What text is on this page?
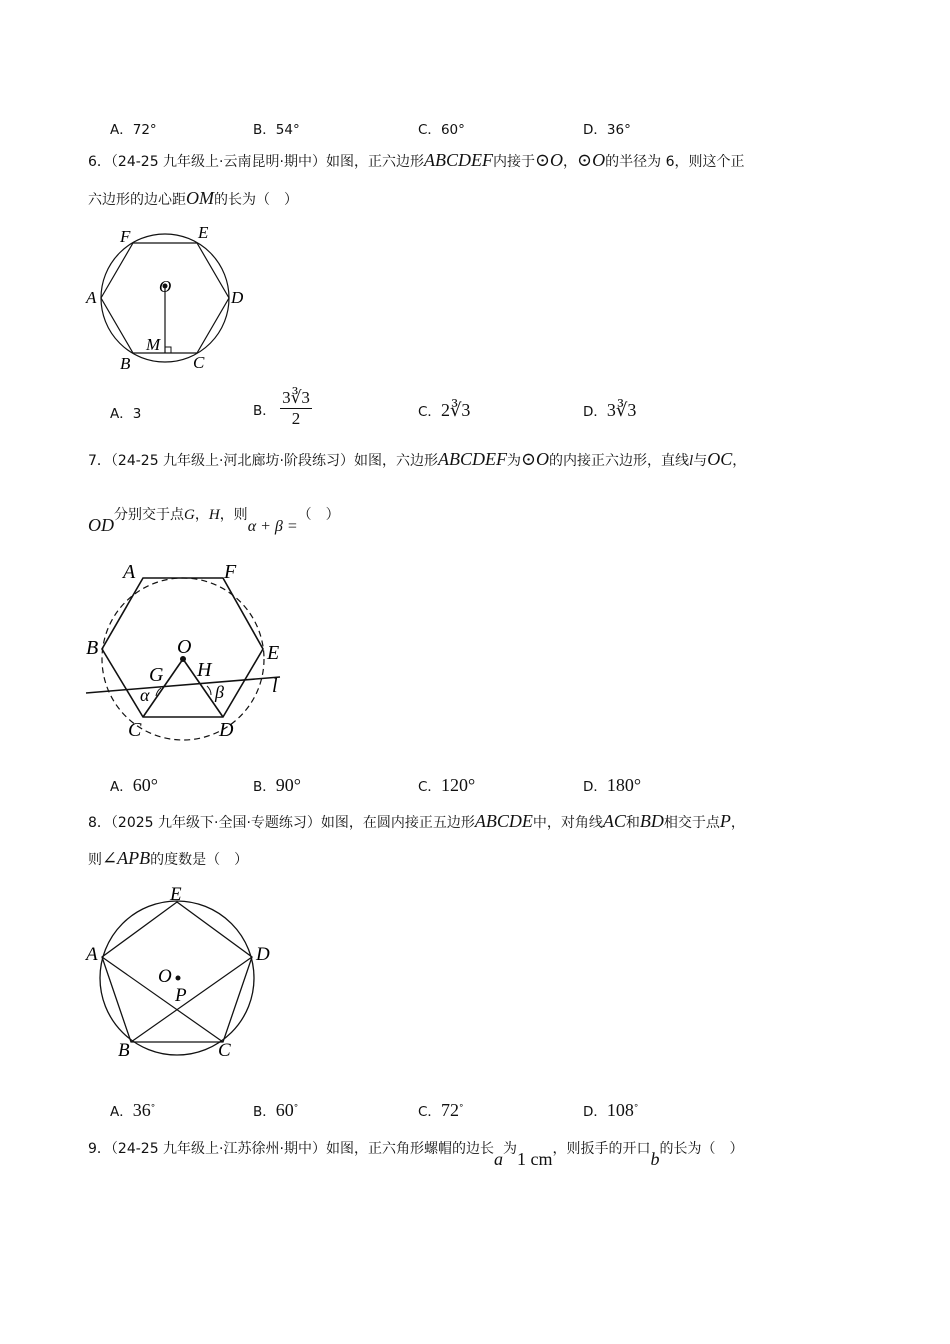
A．72°	B．54°	C．60°	D．36°
6．（24-25 九年级上·云南昆明·期中）如图，正六边形ABCDEF内接于⊙O，⊙O的半径为 6，则这个正
六边形的边心距OM的长为（　）
F	E
A	D
O
M
B	C
A．3	B． $\frac{3∛3}{2}$	C．2∛3	D．3∛3
7．（24-25 九年级上·河北廊坊·阶段练习）如图，六边形ABCDEF为⊙O的内接正六边形，直线l与OC，
OD分别交于点G，H，则α + β =（　）
A	F
B	E
O
G H
l
α	β
C	D
A．60°	B．90°	C．120°	D．180°
8．（2025 九年级下·全国·专题练习）如图，在圆内接正五边形ABCDE中，对角线AC和BD相交于点P，
则∠APB的度数是（　）
E
A	D
O
P
B	C
A．36°	B．60°	C．72°	D．108°
9．（24-25 九年级上·江苏徐州·期中）如图，正六角形螺帽的边长a为1 cm，则扳手的开口b的长为（　）
